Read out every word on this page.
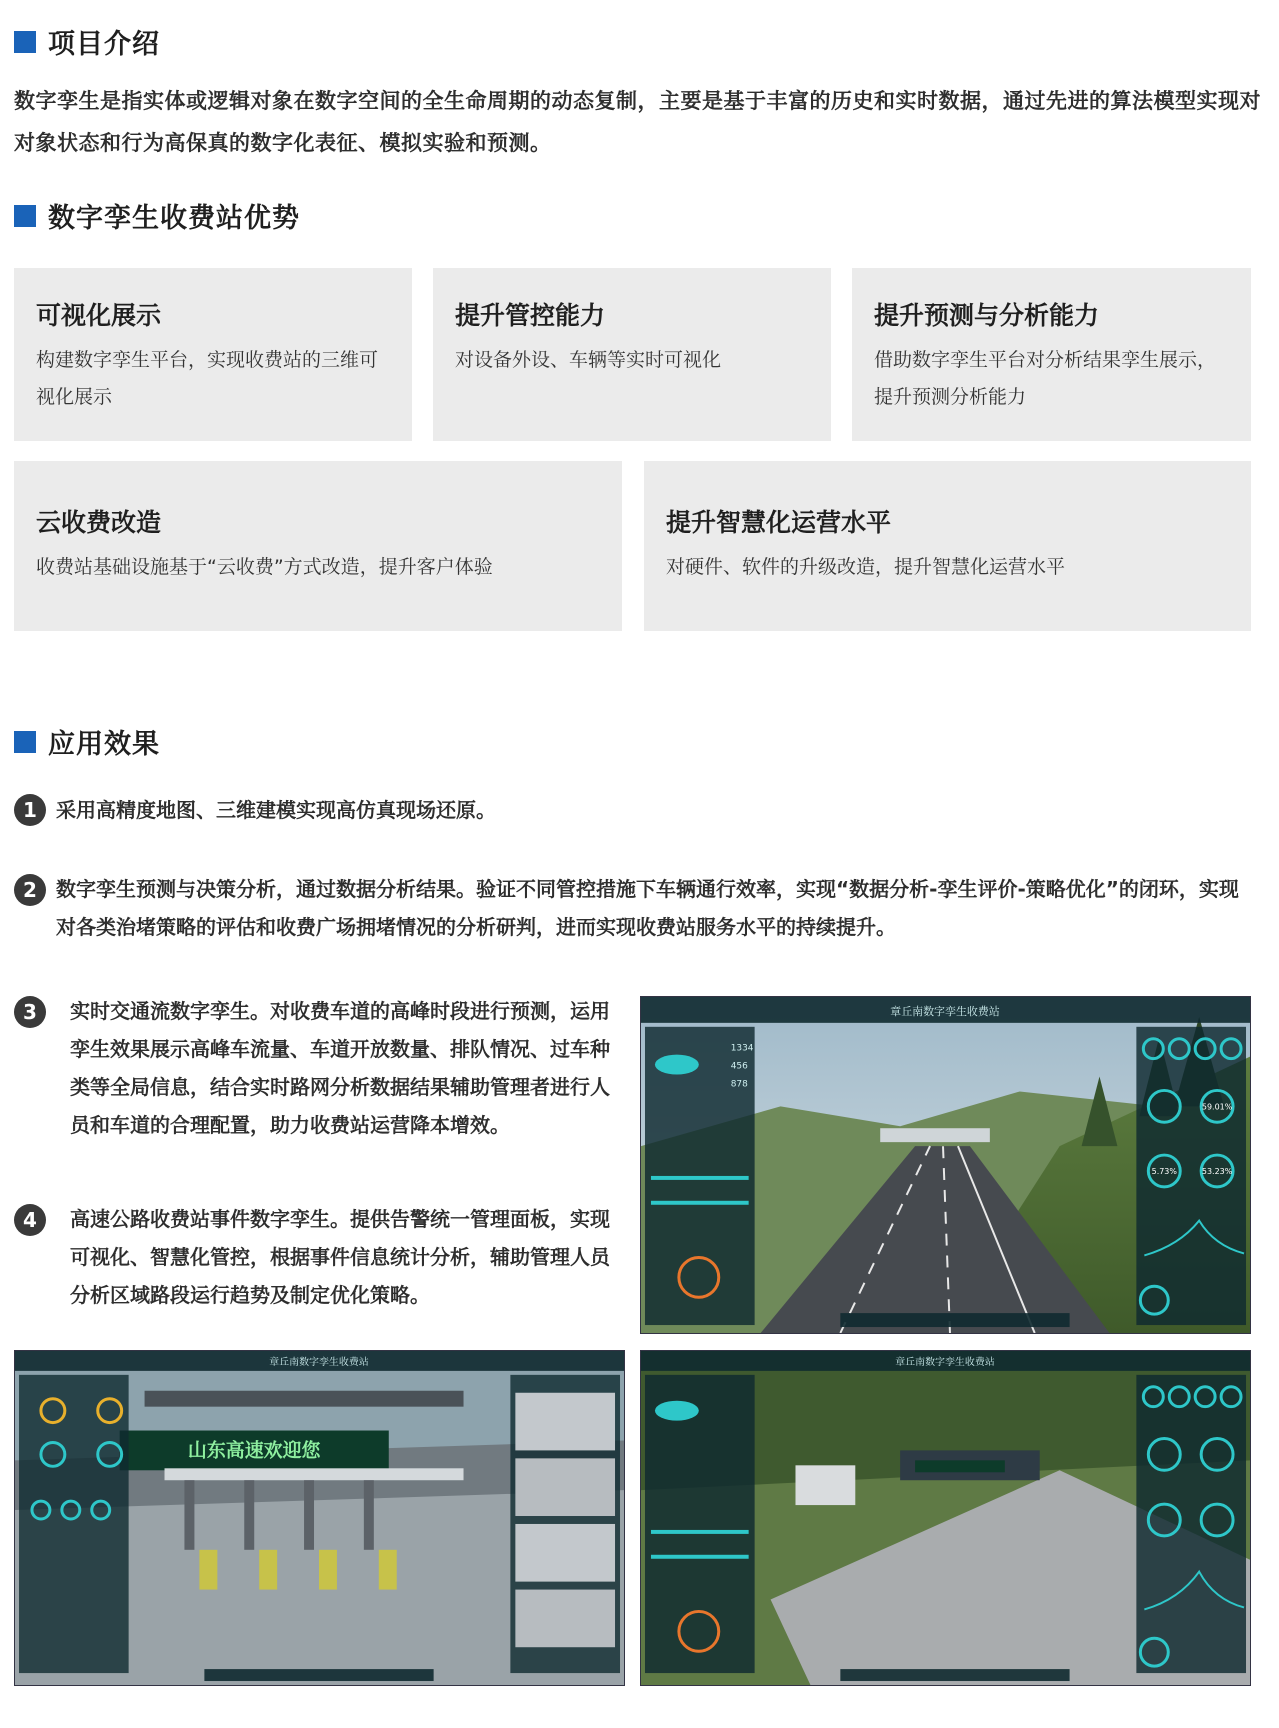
项目介绍
数字孪生是指实体或逻辑对象在数字空间的全生命周期的动态复制，主要是基于丰富的历史和实时数据，通过先进的算法模型实现对对象状态和行为高保真的数字化表征、模拟实验和预测。
数字孪生收费站优势
可视化展示
构建数字孪生平台，实现收费站的三维可视化展示
提升管控能力
对设备外设、车辆等实时可视化
提升预测与分析能力
借助数字孪生平台对分析结果孪生展示，提升预测分析能力
云收费改造
收费站基础设施基于“云收费”方式改造，提升客户体验
提升智慧化运营水平
对硬件、软件的升级改造，提升智慧化运营水平
应用效果
1 采用高精度地图、三维建模实现高仿真现场还原。
2 数字孪生预测与决策分析，通过数据分析结果。验证不同管控措施下车辆通行效率，实现“数据分析-孪生评价-策略优化”的闭环，实现对各类治堵策略的评估和收费广场拥堵情况的分析研判，进而实现收费站服务水平的持续提升。
3	实时交通流数字孪生。对收费车道的高峰时段进行预测，运用孪生效果展示高峰车流量、车道开放数量、排队情况、过车种类等全局信息，结合实时路网分析数据结果辅助管理者进行人员和车道的合理配置，助力收费站运营降本增效。
4	高速公路收费站事件数字孪生。提供告警统一管理面板，实现可视化、智慧化管控，根据事件信息统计分析，辅助管理人员分析区域路段运行趋势及制定优化策略。
章丘南数字孪生收费站
1334
456
878
59.01%
5.73%	53.23%
山东高速欢迎您
章丘南数字孪生收费站	章丘南数字孪生收费站
